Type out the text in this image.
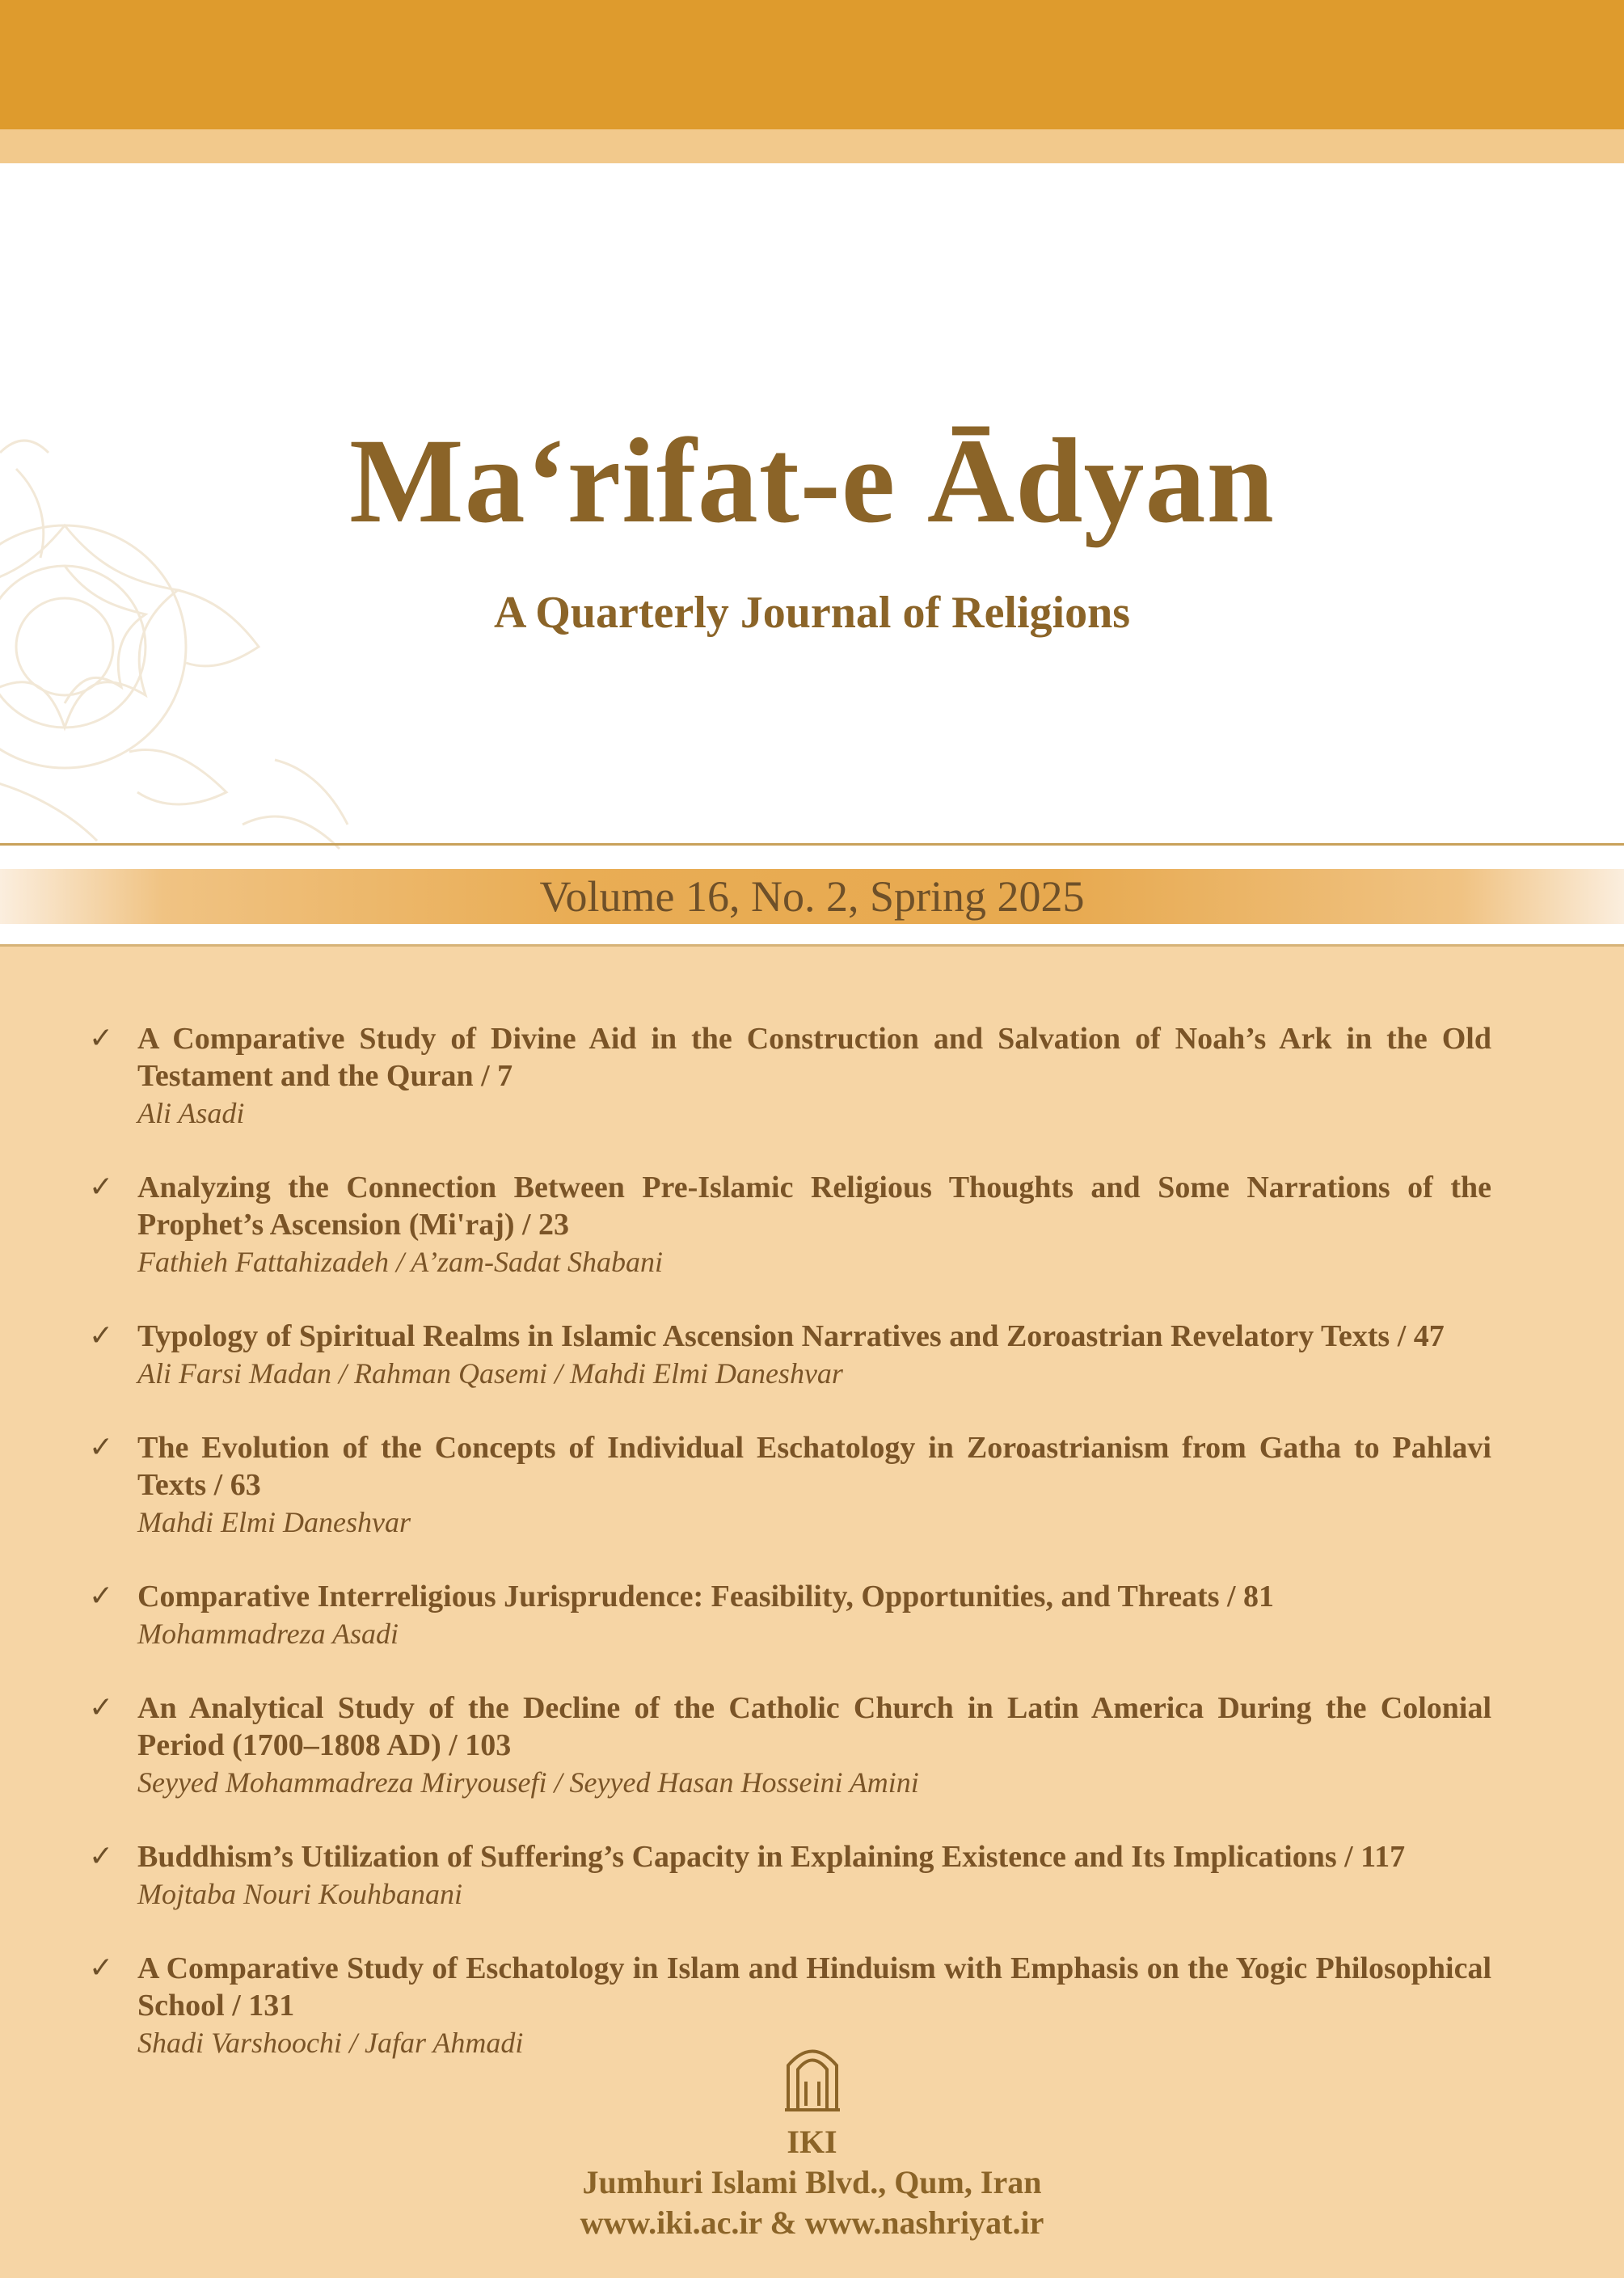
Maʻrifat-e Ādyan
A Quarterly Journal of Religions
Volume 16, No. 2, Spring 2025
✓ A Comparative Study of Divine Aid in the Construction and Salvation of Noah’s Ark in the Old Testament and the Quran / 7
Ali Asadi
✓ Analyzing the Connection Between Pre-Islamic Religious Thoughts and Some Narrations of the Prophet’s Ascension (Mi'raj) / 23
Fathieh Fattahizadeh / A’zam-Sadat Shabani
✓ Typology of Spiritual Realms in Islamic Ascension Narratives and Zoroastrian Revelatory Texts / 47
Ali Farsi Madan / Rahman Qasemi / Mahdi Elmi Daneshvar
✓ The Evolution of the Concepts of Individual Eschatology in Zoroastrianism from Gatha to Pahlavi Texts / 63
Mahdi Elmi Daneshvar
✓ Comparative Interreligious Jurisprudence: Feasibility, Opportunities, and Threats / 81
Mohammadreza Asadi
✓ An Analytical Study of the Decline of the Catholic Church in Latin America During the Colonial Period (1700–1808 AD) / 103
Seyyed Mohammadreza Miryousefi / Seyyed Hasan Hosseini Amini
✓ Buddhism’s Utilization of Suffering’s Capacity in Explaining Existence and Its Implications / 117
Mojtaba Nouri Kouhbanani
✓ A Comparative Study of Eschatology in Islam and Hinduism with Emphasis on the Yogic Philosophical School / 131
Shadi Varshoochi / Jafar Ahmadi
IKI
Jumhuri Islami Blvd., Qum, Iran
www.iki.ac.ir & www.nashriyat.ir
